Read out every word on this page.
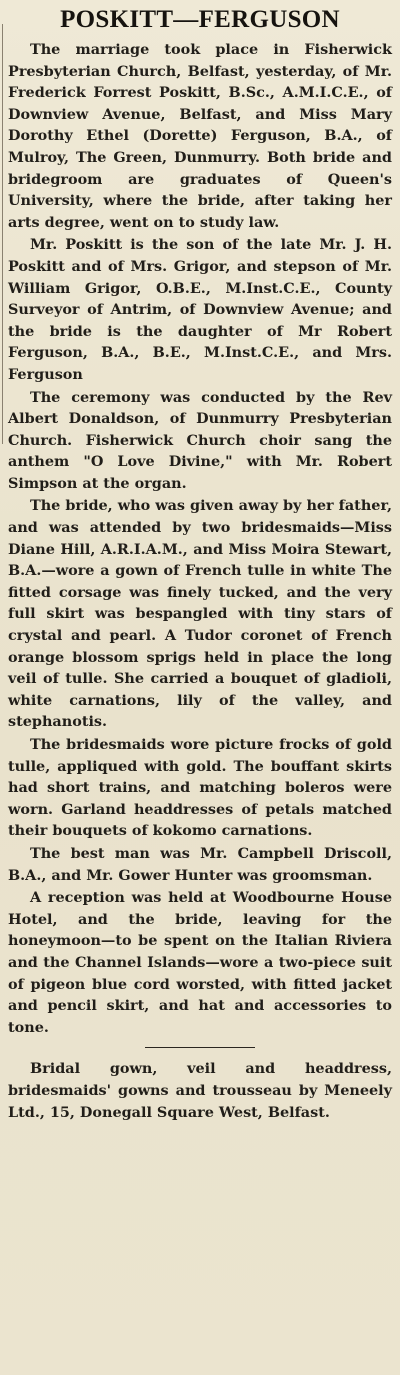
POSKITT—FERGUSON

The marriage took place in Fisherwick Presbyterian Church, Belfast, yesterday, of Mr. Frederick Forrest Poskitt, B.Sc., A.M.I.C.E., of Downview Avenue, Belfast, and Miss Mary Dorothy Ethel (Dorette) Ferguson, B.A., of Mulroy, The Green, Dunmurry. Both bride and bridegroom are graduates of Queen's University, where the bride, after taking her arts degree, went on to study law.

Mr. Poskitt is the son of the late Mr. J. H. Poskitt and of Mrs. Grigor, and stepson of Mr. William Grigor, O.B.E., M.Inst.C.E., County Surveyor of Antrim, of Downview Avenue; and the bride is the daughter of Mr Robert Ferguson, B.A., B.E., M.Inst.C.E., and Mrs. Ferguson

The ceremony was conducted by the Rev Albert Donaldson, of Dunmurry Presbyterian Church. Fisherwick Church choir sang the anthem "O Love Divine," with Mr. Robert Simpson at the organ.

The bride, who was given away by her father, and was attended by two bridesmaids—Miss Diane Hill, A.R.I.A.M., and Miss Moira Stewart, B.A.—wore a gown of French tulle in white The fitted corsage was finely tucked, and the very full skirt was bespangled with tiny stars of crystal and pearl. A Tudor coronet of French orange blossom sprigs held in place the long veil of tulle. She carried a bouquet of gladioli, white carnations, lily of the valley, and stephanotis.

The bridesmaids wore picture frocks of gold tulle, appliqued with gold. The bouffant skirts had short trains, and matching boleros were worn. Garland headdresses of petals matched their bouquets of kokomo carnations.

The best man was Mr. Campbell Driscoll, B.A., and Mr. Gower Hunter was groomsman.

A reception was held at Woodbourne House Hotel, and the bride, leaving for the honeymoon—to be spent on the Italian Riviera and the Channel Islands—wore a two-piece suit of pigeon blue cord worsted, with fitted jacket and pencil skirt, and hat and accessories to tone.

Bridal gown, veil and headdress, bridesmaids' gowns and trousseau by Meneely Ltd., 15, Donegall Square West, Belfast.
